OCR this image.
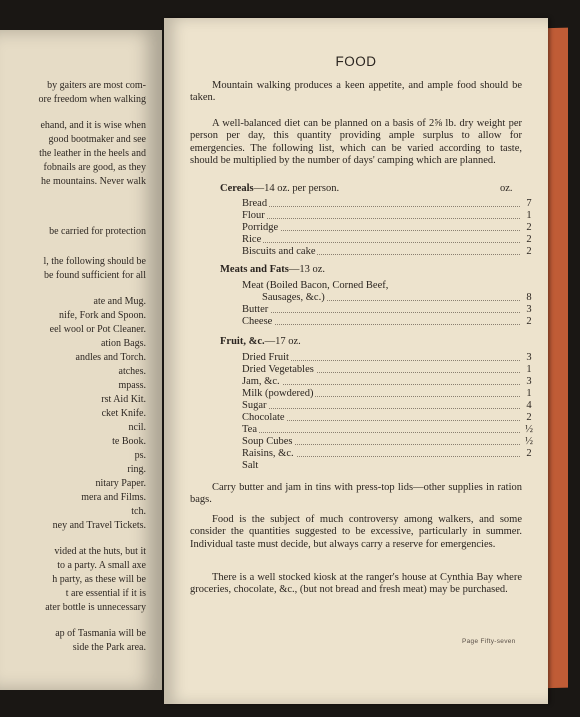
by gaiters are most com-
ore freedom when walking
ehand, and it is wise when
good bootmaker and see
the leather in the heels and
fobnails are good, as they
he mountains. Never walk
be carried for protection
l, the following should be
be found sufficient for all
ate and Mug.
nife, Fork and Spoon.
eel wool or Pot Cleaner.
ation Bags.
andles and Torch.
atches.
mpass.
rst Aid Kit.
cket Knife.
ncil.
te Book.
ps.
ring.
nitary Paper.
mera and Films.
tch.
ney and Travel Tickets.
vided at the huts, but it
to a party. A small axe
h party, as these will be
t are essential if it is
ater bottle is unnecessary
ap of Tasmania will be
side the Park area.
FOOD

Mountain walking produces a keen appetite, and ample food should be taken.

A well-balanced diet can be planned on a basis of 2⅝ lb. dry weight per person per day, this quantity providing ample surplus to allow for emergencies. The following list, which can be varied according to taste, should be multiplied by the number of days' camping which are planned.

Cereals—14 oz. per person.	oz.
Bread	7
Flour	1
Porridge	2
Rice	2
Biscuits and cake	2
Meats and Fats—13 oz.
Meat (Boiled Bacon, Corned Beef,
Sausages, &c.)	8
Butter	3
Cheese	2
Fruit, &c.—17 oz.
Dried Fruit	3
Dried Vegetables	1
Jam, &c.	3
Milk (powdered)	1
Sugar	4
Chocolate	2
Tea	½
Soup Cubes	½
Raisins, &c.	2
Salt

Carry butter and jam in tins with press-top lids—other supplies in ration bags.

Food is the subject of much controversy among walkers, and some consider the quantities suggested to be excessive, particularly in summer. Individual taste must decide, but always carry a reserve for emergencies.

There is a well stocked kiosk at the ranger's house at Cynthia Bay where groceries, chocolate, &c., (but not bread and fresh meat) may be purchased.

Page Fifty-seven
